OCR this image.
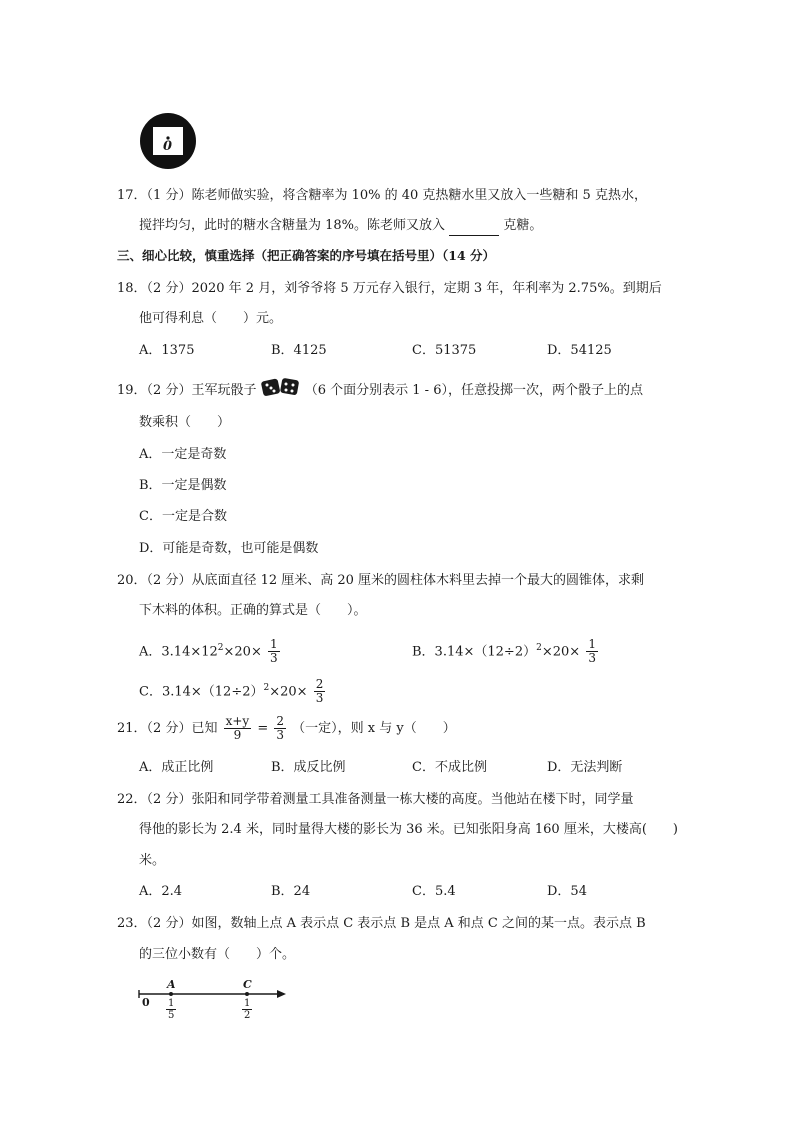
0
17．（1 分）陈老师做实验，将含糖率为 10% 的 40 克热糖水里又放入一些糖和 5 克热水，
搅拌均匀，此时的糖水含糖量为 18%。陈老师又放入	克糖。
三、细心比较，慎重选择（把正确答案的序号填在括号里）（14 分）
18．（2 分）2020 年 2 月，刘爷爷将 5 万元存入银行，定期 3 年，年利率为 2.75%。到期后
他可得利息（　　）元。
A．1375	B．4125	C．51375	D．54125
19．（2 分）王军玩骰子	（6 个面分别表示 1 - 6），任意投掷一次，两个骰子上的点
数乘积（　　）
A．一定是奇数
B．一定是偶数
C．一定是合数
D．可能是奇数，也可能是偶数
20．（2 分）从底面直径 12 厘米、高 20 厘米的圆柱体木料里去掉一个最大的圆锥体，求剩
下木料的体积。正确的算式是（　　）。
A．$3.14\times 12^2\times 20\times \frac{1}{3}$	B．$3.14\times(12\div 2)^2\times 20\times \frac{1}{3}$
C．$3.14\times(12\div 2)^2\times 20\times \frac{2}{3}$
21．（2 分）已知 $\frac{x+y}{9} = \frac{2}{3}$ （一定），则 x 与 y（　　）
A．成正比例	B．成反比例	C．不成比例	D．无法判断
22．（2 分）张阳和同学带着测量工具准备测量一栋大楼的高度。当他站在楼下时，同学量
得他的影长为 2.4 米，同时量得大楼的影长为 36 米。已知张阳身高 160 厘米，大楼高(　　)
米。
A．2.4	B．24	C．5.4	D．54
23．（2 分）如图，数轴上点 A 表示点 C 表示点 B 是点 A 和点 C 之间的某一点。表示点 B
的三位小数有（　　）个。
0
A	C
$\frac{1}{5}$	$\frac{1}{2}$
